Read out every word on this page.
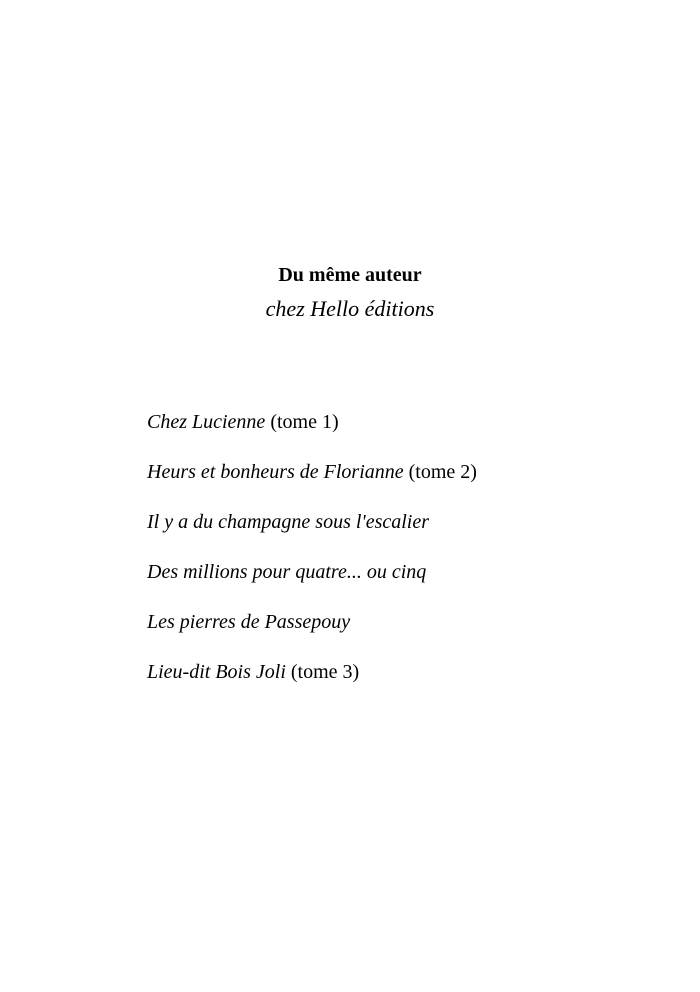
Du même auteur
chez Hello éditions
Chez Lucienne (tome 1)
Heurs et bonheurs de Florianne (tome 2)
Il y a du champagne sous l'escalier
Des millions pour quatre... ou cinq
Les pierres de Passepouy
Lieu-dit Bois Joli (tome 3)
